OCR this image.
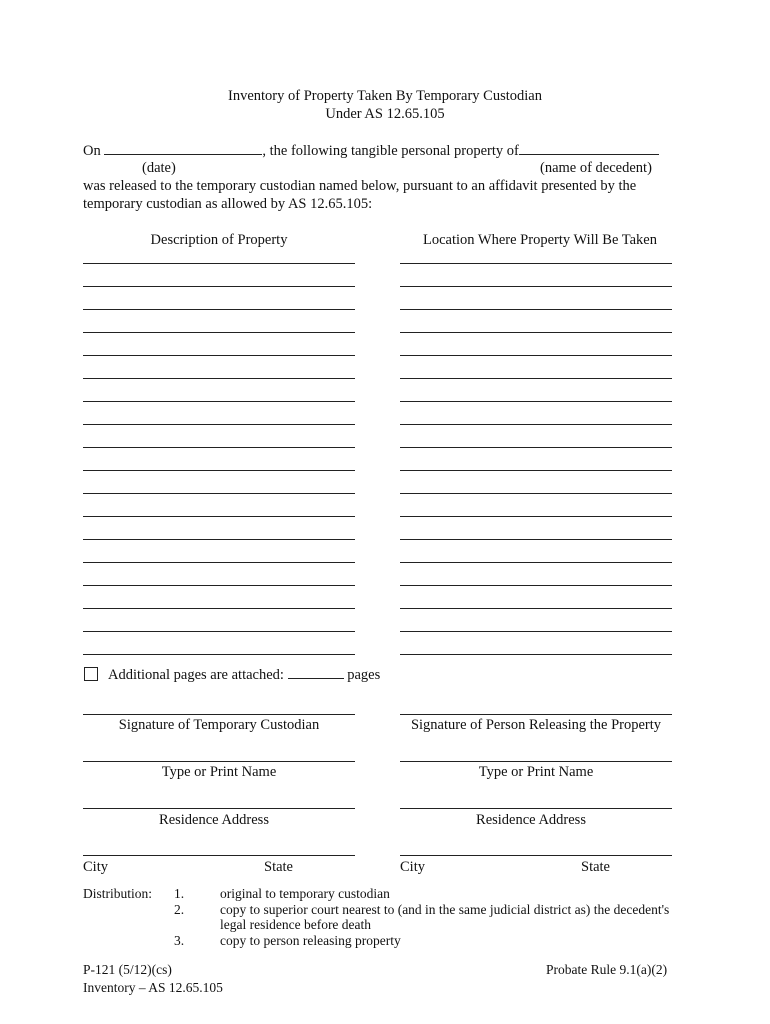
Inventory of Property Taken By Temporary Custodian
Under AS 12.65.105
On	, the following tangible personal property of
(date)	(name of decedent)
was released to the temporary custodian named below, pursuant to an affidavit presented by the
temporary custodian as allowed by AS 12.65.105:
Description of Property	Location Where Property Will Be Taken
Additional pages are attached:	pages
Signature of Temporary Custodian	Signature of Person Releasing the Property
Type or Print Name	Type or Print Name
Residence Address	Residence Address
City	State	City	State
Distribution: 1.	original to temporary custodian
2.	copy to superior court nearest to (and in the same judicial district as) the decedent's
legal residence before death
3.	copy to person releasing property
P-121 (5/12)(cs)
Inventory – AS 12.65.105
Probate Rule 9.1(a)(2)
